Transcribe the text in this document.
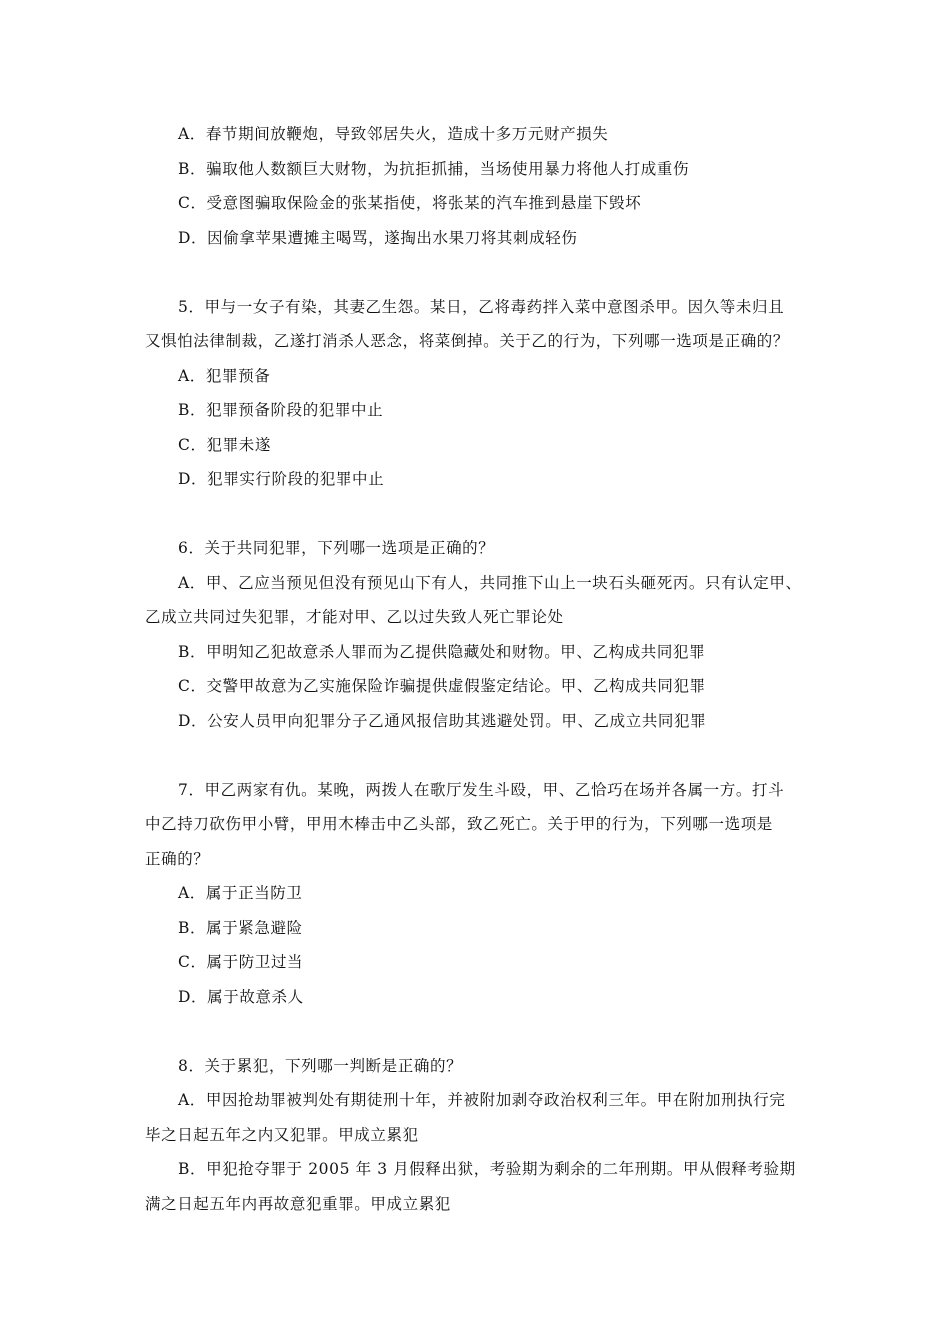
A．春节期间放鞭炮，导致邻居失火，造成十多万元财产损失
B．骗取他人数额巨大财物，为抗拒抓捕，当场使用暴力将他人打成重伤
C．受意图骗取保险金的张某指使，将张某的汽车推到悬崖下毁坏
D．因偷拿苹果遭摊主喝骂，遂掏出水果刀将其刺成轻伤
5．甲与一女子有染，其妻乙生怨。某日，乙将毒药拌入菜中意图杀甲。因久等未归且
又惧怕法律制裁，乙遂打消杀人恶念，将菜倒掉。关于乙的行为，下列哪一选项是正确的？
A．犯罪预备
B．犯罪预备阶段的犯罪中止
C．犯罪未遂
D．犯罪实行阶段的犯罪中止
6．关于共同犯罪，下列哪一选项是正确的？
A．甲、乙应当预见但没有预见山下有人，共同推下山上一块石头砸死丙。只有认定甲、
乙成立共同过失犯罪，才能对甲、乙以过失致人死亡罪论处
B．甲明知乙犯故意杀人罪而为乙提供隐藏处和财物。甲、乙构成共同犯罪
C．交警甲故意为乙实施保险诈骗提供虚假鉴定结论。甲、乙构成共同犯罪
D．公安人员甲向犯罪分子乙通风报信助其逃避处罚。甲、乙成立共同犯罪
7．甲乙两家有仇。某晚，两拨人在歌厅发生斗殴，甲、乙恰巧在场并各属一方。打斗
中乙持刀砍伤甲小臂，甲用木棒击中乙头部，致乙死亡。关于甲的行为，下列哪一选项是
正确的？
A．属于正当防卫
B．属于紧急避险
C．属于防卫过当
D．属于故意杀人
8．关于累犯，下列哪一判断是正确的？
A．甲因抢劫罪被判处有期徒刑十年，并被附加剥夺政治权利三年。甲在附加刑执行完
毕之日起五年之内又犯罪。甲成立累犯
B．甲犯抢夺罪于 2005 年 3 月假释出狱，考验期为剩余的二年刑期。甲从假释考验期
满之日起五年内再故意犯重罪。甲成立累犯
